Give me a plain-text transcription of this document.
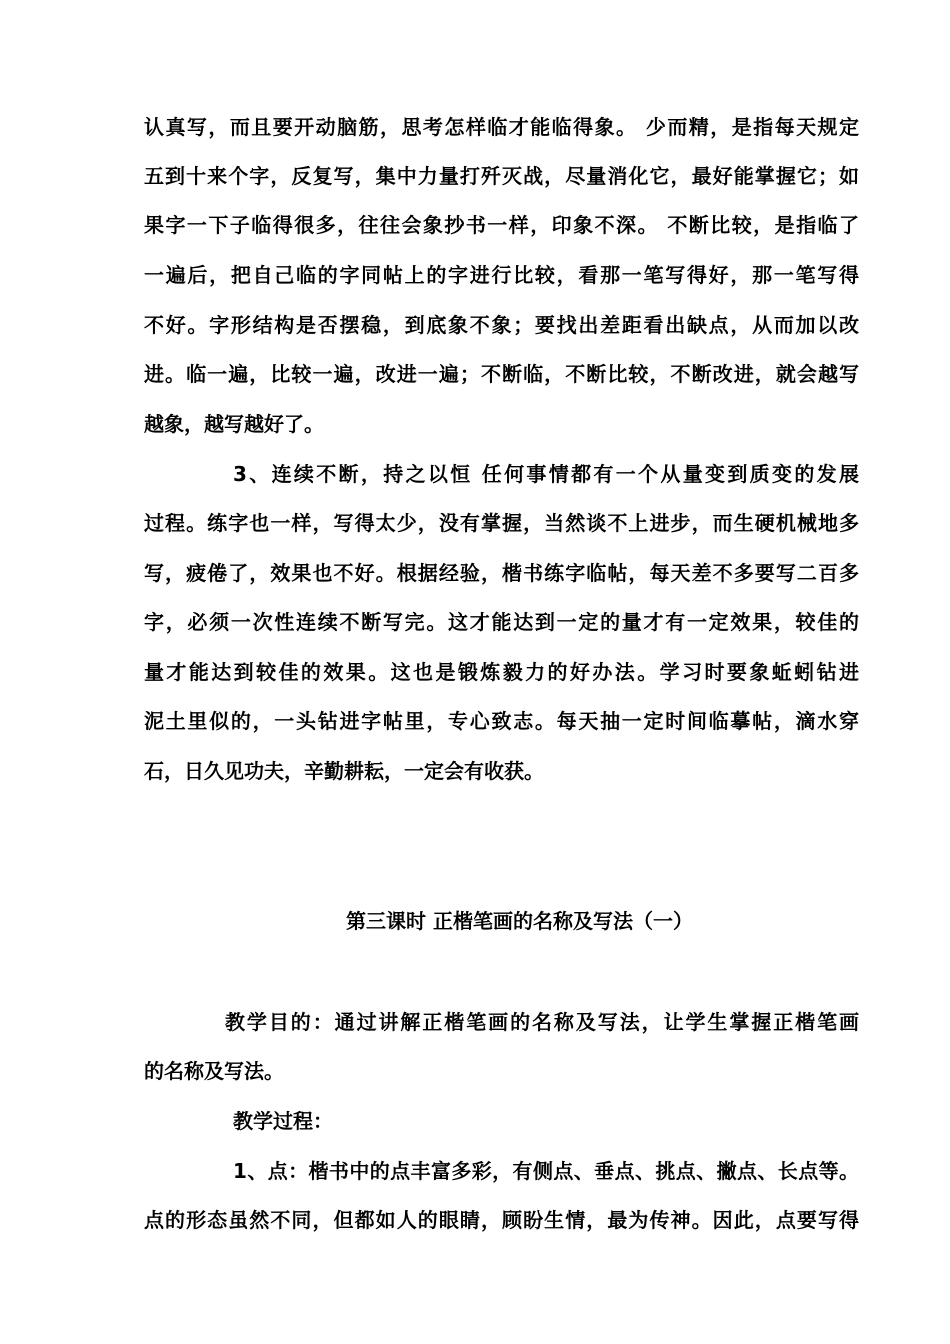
认真写，而且要开动脑筋，思考怎样临才能临得象。 少而精，是指每天规定
五到十来个字，反复写，集中力量打歼灭战，尽量消化它，最好能掌握它；如
果字一下子临得很多，往往会象抄书一样，印象不深。 不断比较，是指临了
一遍后，把自己临的字同帖上的字进行比较，看那一笔写得好，那一笔写得
不好。字形结构是否摆稳，到底象不象；要找出差距看出缺点，从而加以改
进。临一遍，比较一遍，改进一遍；不断临，不断比较，不断改进，就会越写
越象，越写越好了。
3、连续不断，持之以恒 任何事情都有一个从量变到质变的发展
过程。练字也一样，写得太少，没有掌握，当然谈不上进步，而生硬机械地多
写，疲倦了，效果也不好。根据经验，楷书练字临帖，每天差不多要写二百多
字，必须一次性连续不断写完。这才能达到一定的量才有一定效果，较佳的
量才能达到较佳的效果。这也是锻炼毅力的好办法。学习时要象蚯蚓钻进
泥土里似的，一头钻进字帖里，专心致志。每天抽一定时间临摹帖，滴水穿
石，日久见功夫，辛勤耕耘，一定会有收获。
第三课时 正楷笔画的名称及写法（一）
教学目的：通过讲解正楷笔画的名称及写法，让学生掌握正楷笔画
的名称及写法。
教学过程：
1、点：楷书中的点丰富多彩，有侧点、垂点、挑点、撇点、长点等。
点的形态虽然不同，但都如人的眼睛，顾盼生情，最为传神。因此，点要写得
